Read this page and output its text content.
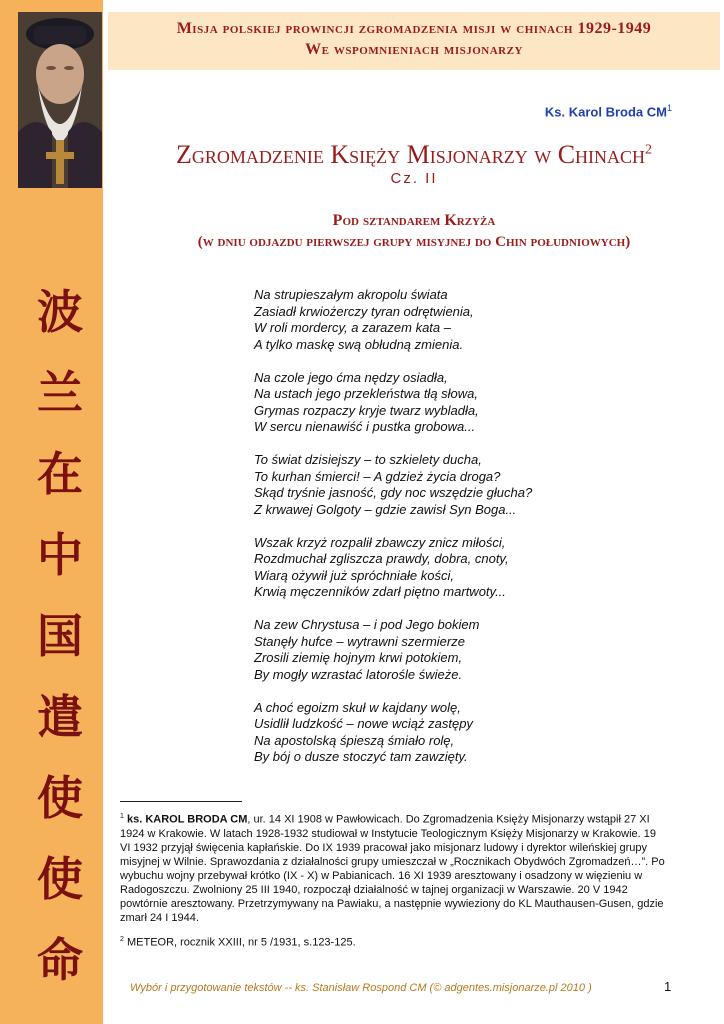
波
兰
在
中
国
遣
使
使
命
Misja polskiej prowincji zgromadzenia misji w chinach 1929-1949
We wspomnieniach misjonarzy
Ks. Karol Broda $CM^1$
Zgromadzenie Księży Misjonarzy w Chinach$^2$
Cz. II
Pod sztandarem Krzyża
(w dniu odjazdu pierwszej grupy misyjnej do Chin południowych)
Na strupieszałym akropolu świata
Zasiadł krwiożerczy tyran odrętwienia,
W roli mordercy, a zarazem kata –
A tylko maskę swą obłudną zmienia.
Na czole jego ćma nędzy osiadła,
Na ustach jego przekleństwa tłą słowa,
Grymas rozpaczy kryje twarz wybladła,
W sercu nienawiść i pustka grobowa...
To świat dzisiejszy – to szkielety ducha,
To kurhan śmierci! – A gdzież życia droga?
Skąd tryśnie jasność, gdy noc wszędzie głucha?
Z krwawej Golgoty – gdzie zawisł Syn Boga...
Wszak krzyż rozpalił zbawczy znicz miłości,
Rozdmuchał zgliszcza prawdy, dobra, cnoty,
Wiarą ożywił już spróchniałe kości,
Krwią męczenników zdarł piętno martwoty...
Na zew Chrystusa – i pod Jego bokiem
Stanęły hufce – wytrawni szermierze
Zrosili ziemię hojnym krwi potokiem,
By mogły wzrastać latorośle świeże.
A choć egoizm skuł w kajdany wolę,
Usidlił ludzkość – nowe wciąż zastępy
Na apostolską śpieszą śmiało rolę,
By bój o dusze stoczyć tam zawzięty.
$^1$ ks. KAROL BRODA CM, ur. 14 XI 1908 w Pawłowicach. Do Zgromadzenia Księży Misjonarzy wstąpił 27 XI 1924 w Krakowie. W latach 1928-1932 studiował w Instytucie Teologicznym Księży Misjonarzy w Krakowie. 19 VI 1932 przyjął święcenia kapłańskie. Do IX 1939 pracował jako misjonarz ludowy i dyrektor wileńskiej grupy misyjnej w Wilnie. Sprawozdania z działalności grupy umieszczał w „Rocznikach Obydwóch Zgromadzeń…”. Po wybuchu wojny przebywał krótko (IX - X) w Pabianicach. 16 XI 1939 aresztowany i osadzony w więzieniu w Radogoszczu. Zwolniony 25 III 1940, rozpoczął działalność w tajnej organizacji w Warszawie. 20 V 1942 powtórnie aresztowany. Przetrzymywany na Pawiaku, a następnie wywieziony do KL Mauthausen-Gusen, gdzie zmarł 24 I 1944.
$^2$ METEOR, rocznik XXIII, nr 5 /1931, s.123-125.
Wybór i przygotowanie tekstów -- ks. Stanisław Rospond CM (© adgentes.misjonarze.pl 2010 )	1
